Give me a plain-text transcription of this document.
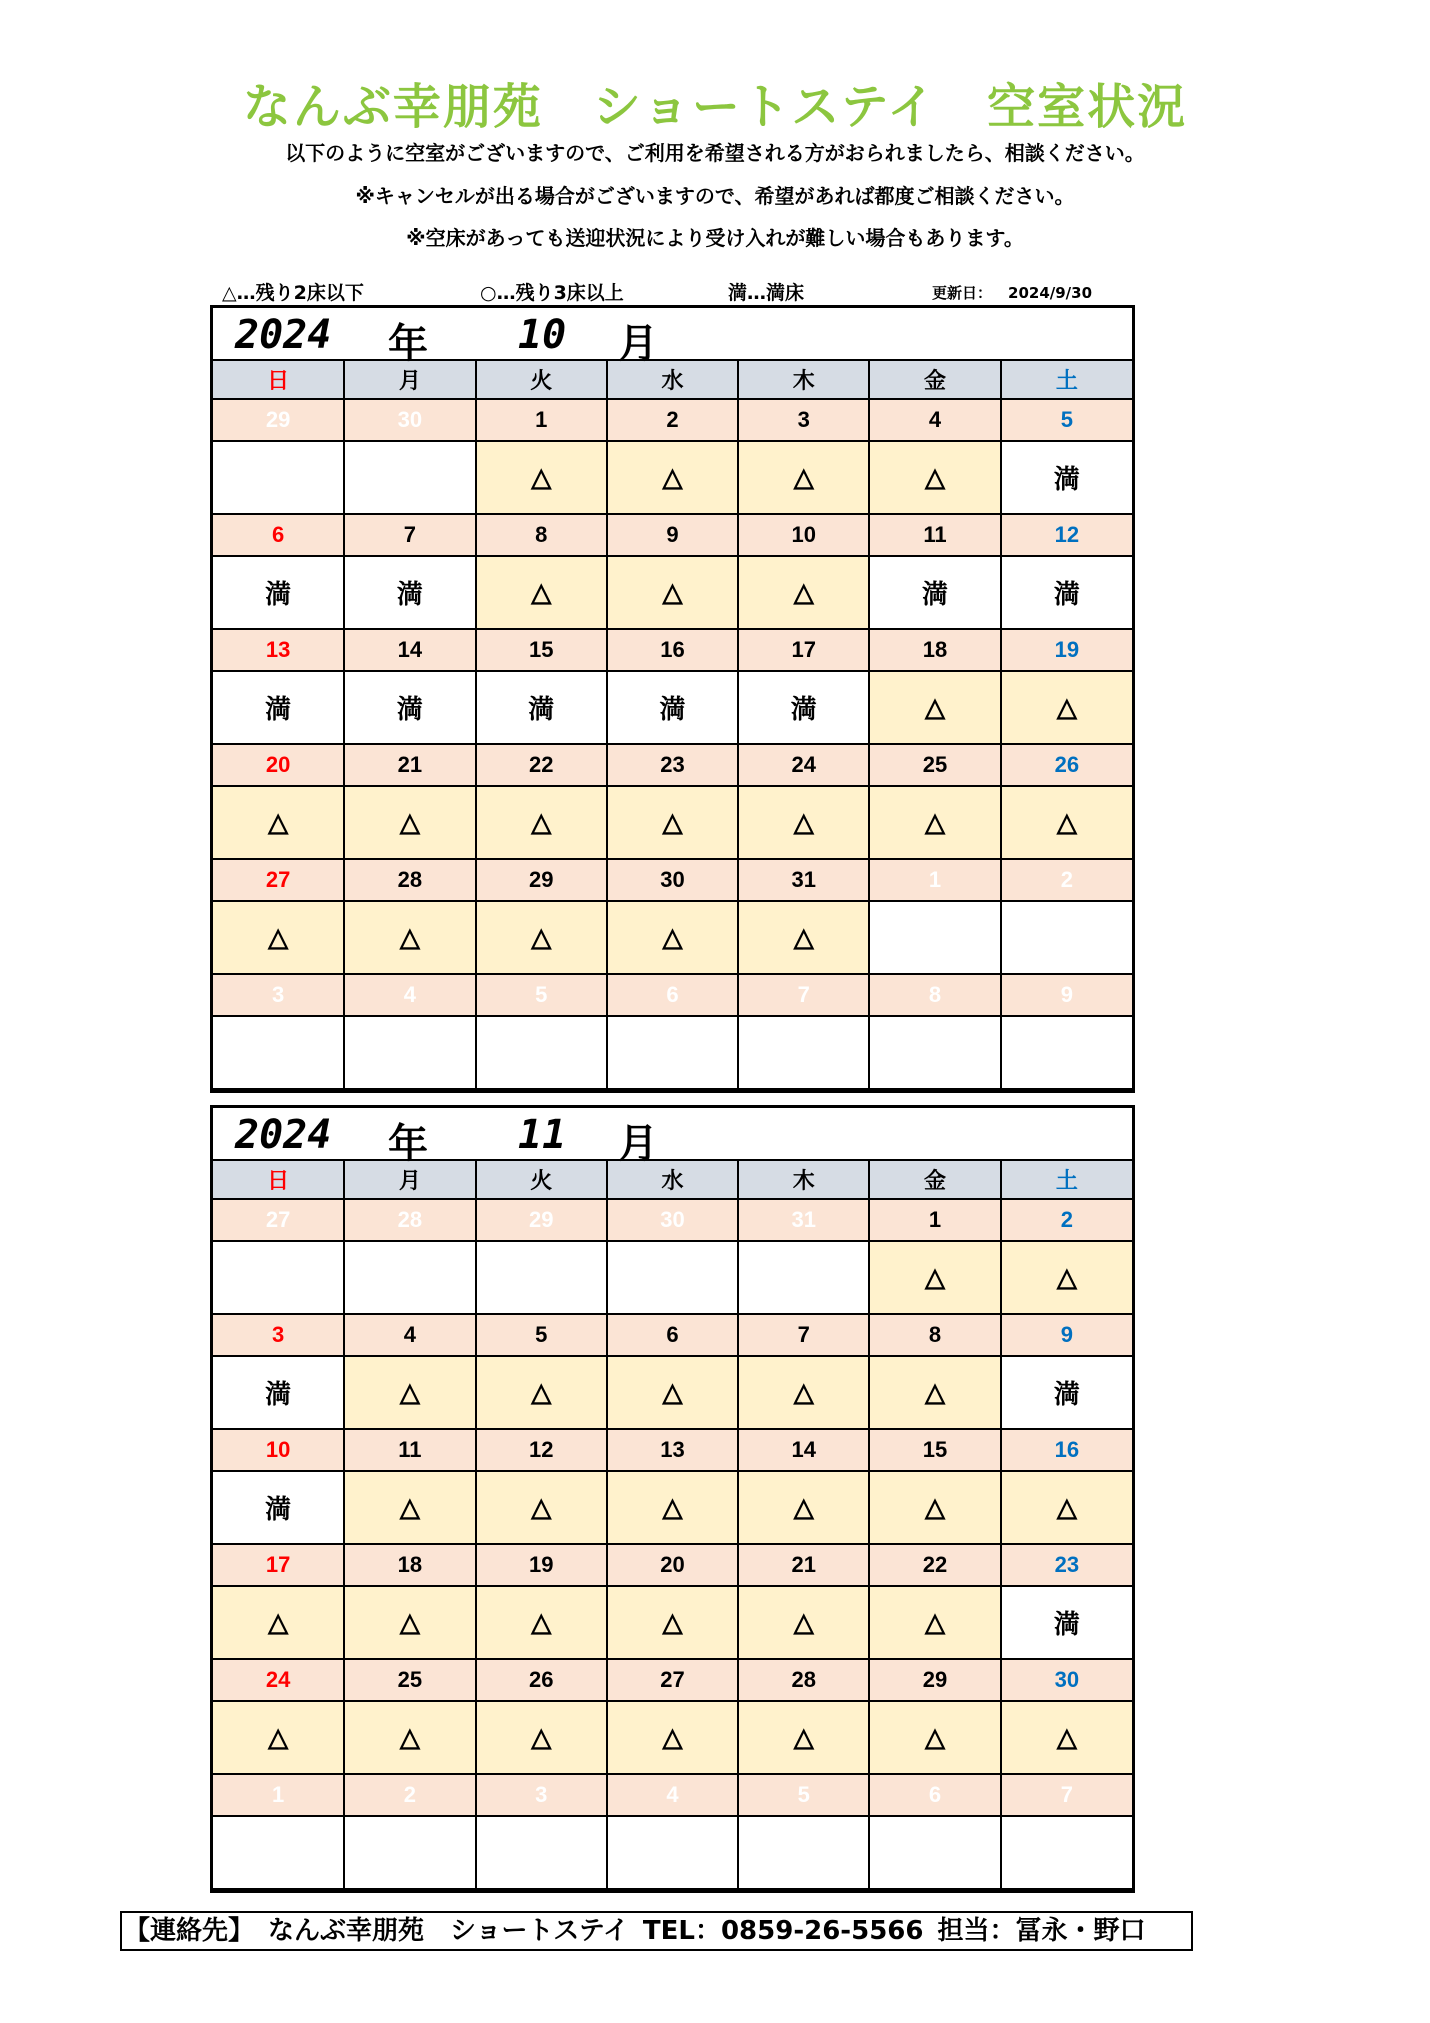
なんぶ幸朋苑　ショートステイ　空室状況
以下のように空室がございますので、ご利用を希望される方がおられましたら、相談ください。
※キャンセルが出る場合がございますので、希望があれば都度ご相談ください。
※空床があっても送迎状況により受け入れが難しい場合もあります。
△…残り2床以下	○…残り3床以上	満…満床	更新日： 2024/9/30
2024 年 10 月
日	月	火	水	木	金	土
29	30	1	2	3	4	5
		△	△	△	△	満
6	7	8	9	10	11	12
満	満	△	△	△	満	満
13	14	15	16	17	18	19
満	満	満	満	満	△	△
20	21	22	23	24	25	26
△	△	△	△	△	△	△
27	28	29	30	31	1	2
△	△	△	△	△		
3	4	5	6	7	8	9

2024 年 11 月
日	月	火	水	木	金	土
27	28	29	30	31	1	2
					△	△
3	4	5	6	7	8	9
満	△	△	△	△	△	満
10	11	12	13	14	15	16
満	△	△	△	△	△	△
17	18	19	20	21	22	23
△	△	△	△	△	△	満
24	25	26	27	28	29	30
△	△	△	△	△	△	△
1	2	3	4	5	6	7

【連絡先】 なんぶ幸朋苑　ショートステイ TEL：0859-26-5566 担当：冨永・野口
